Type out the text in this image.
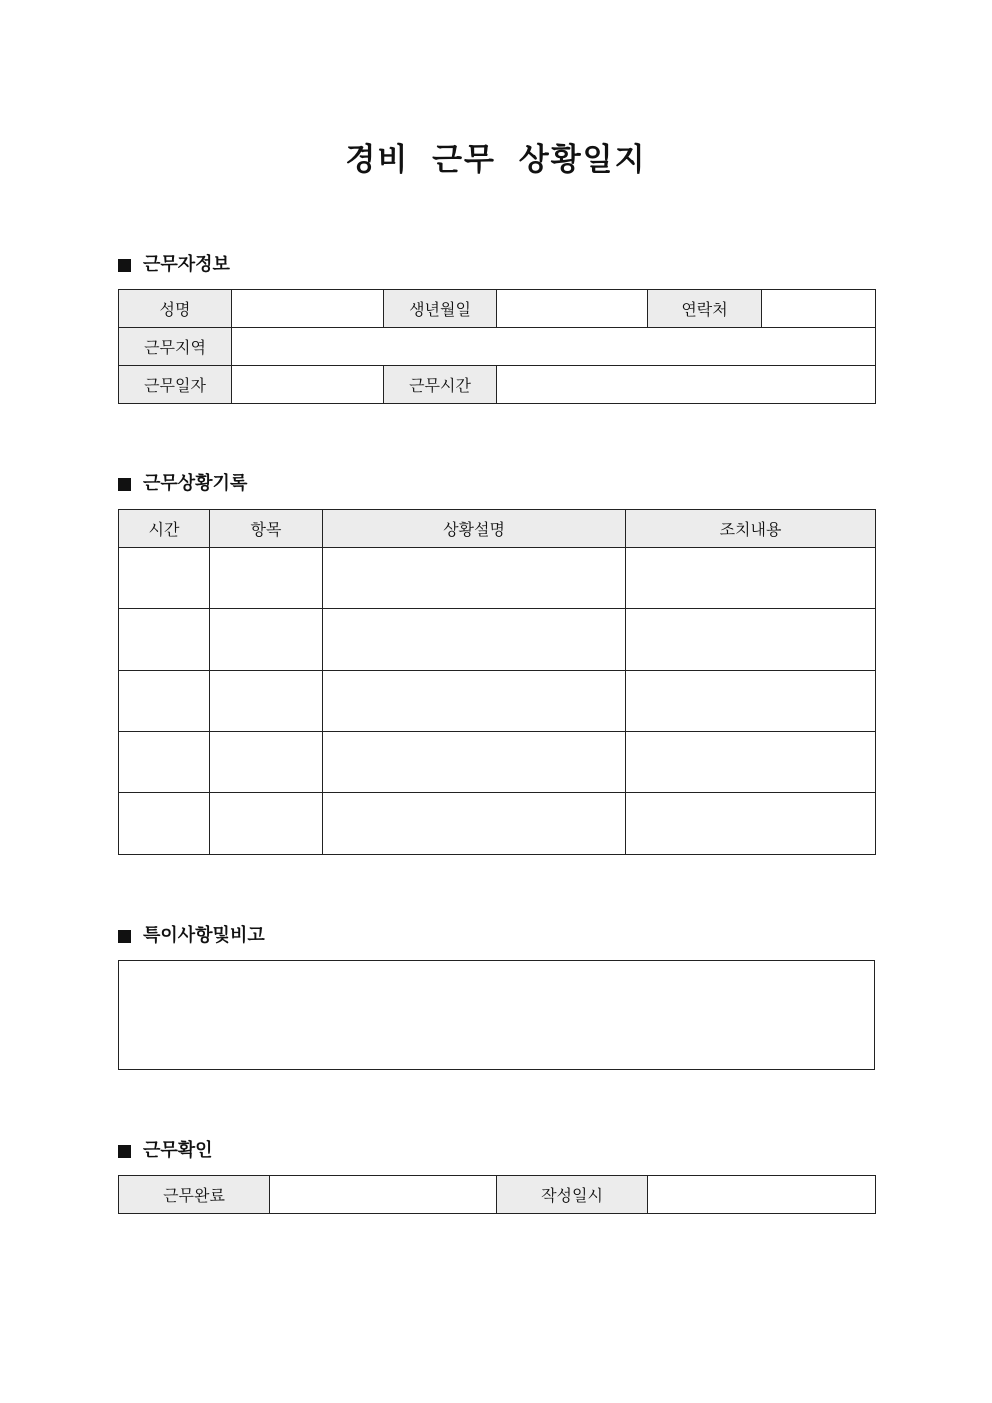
경비 근무 상황일지
근무자정보
성명		생년월일		연락처	
근무지역					
근무일자		근무시간			
근무상황기록
시간	항목	상황설명	조치내용

특이사항및비고
근무확인
근무완료		작성일시	
